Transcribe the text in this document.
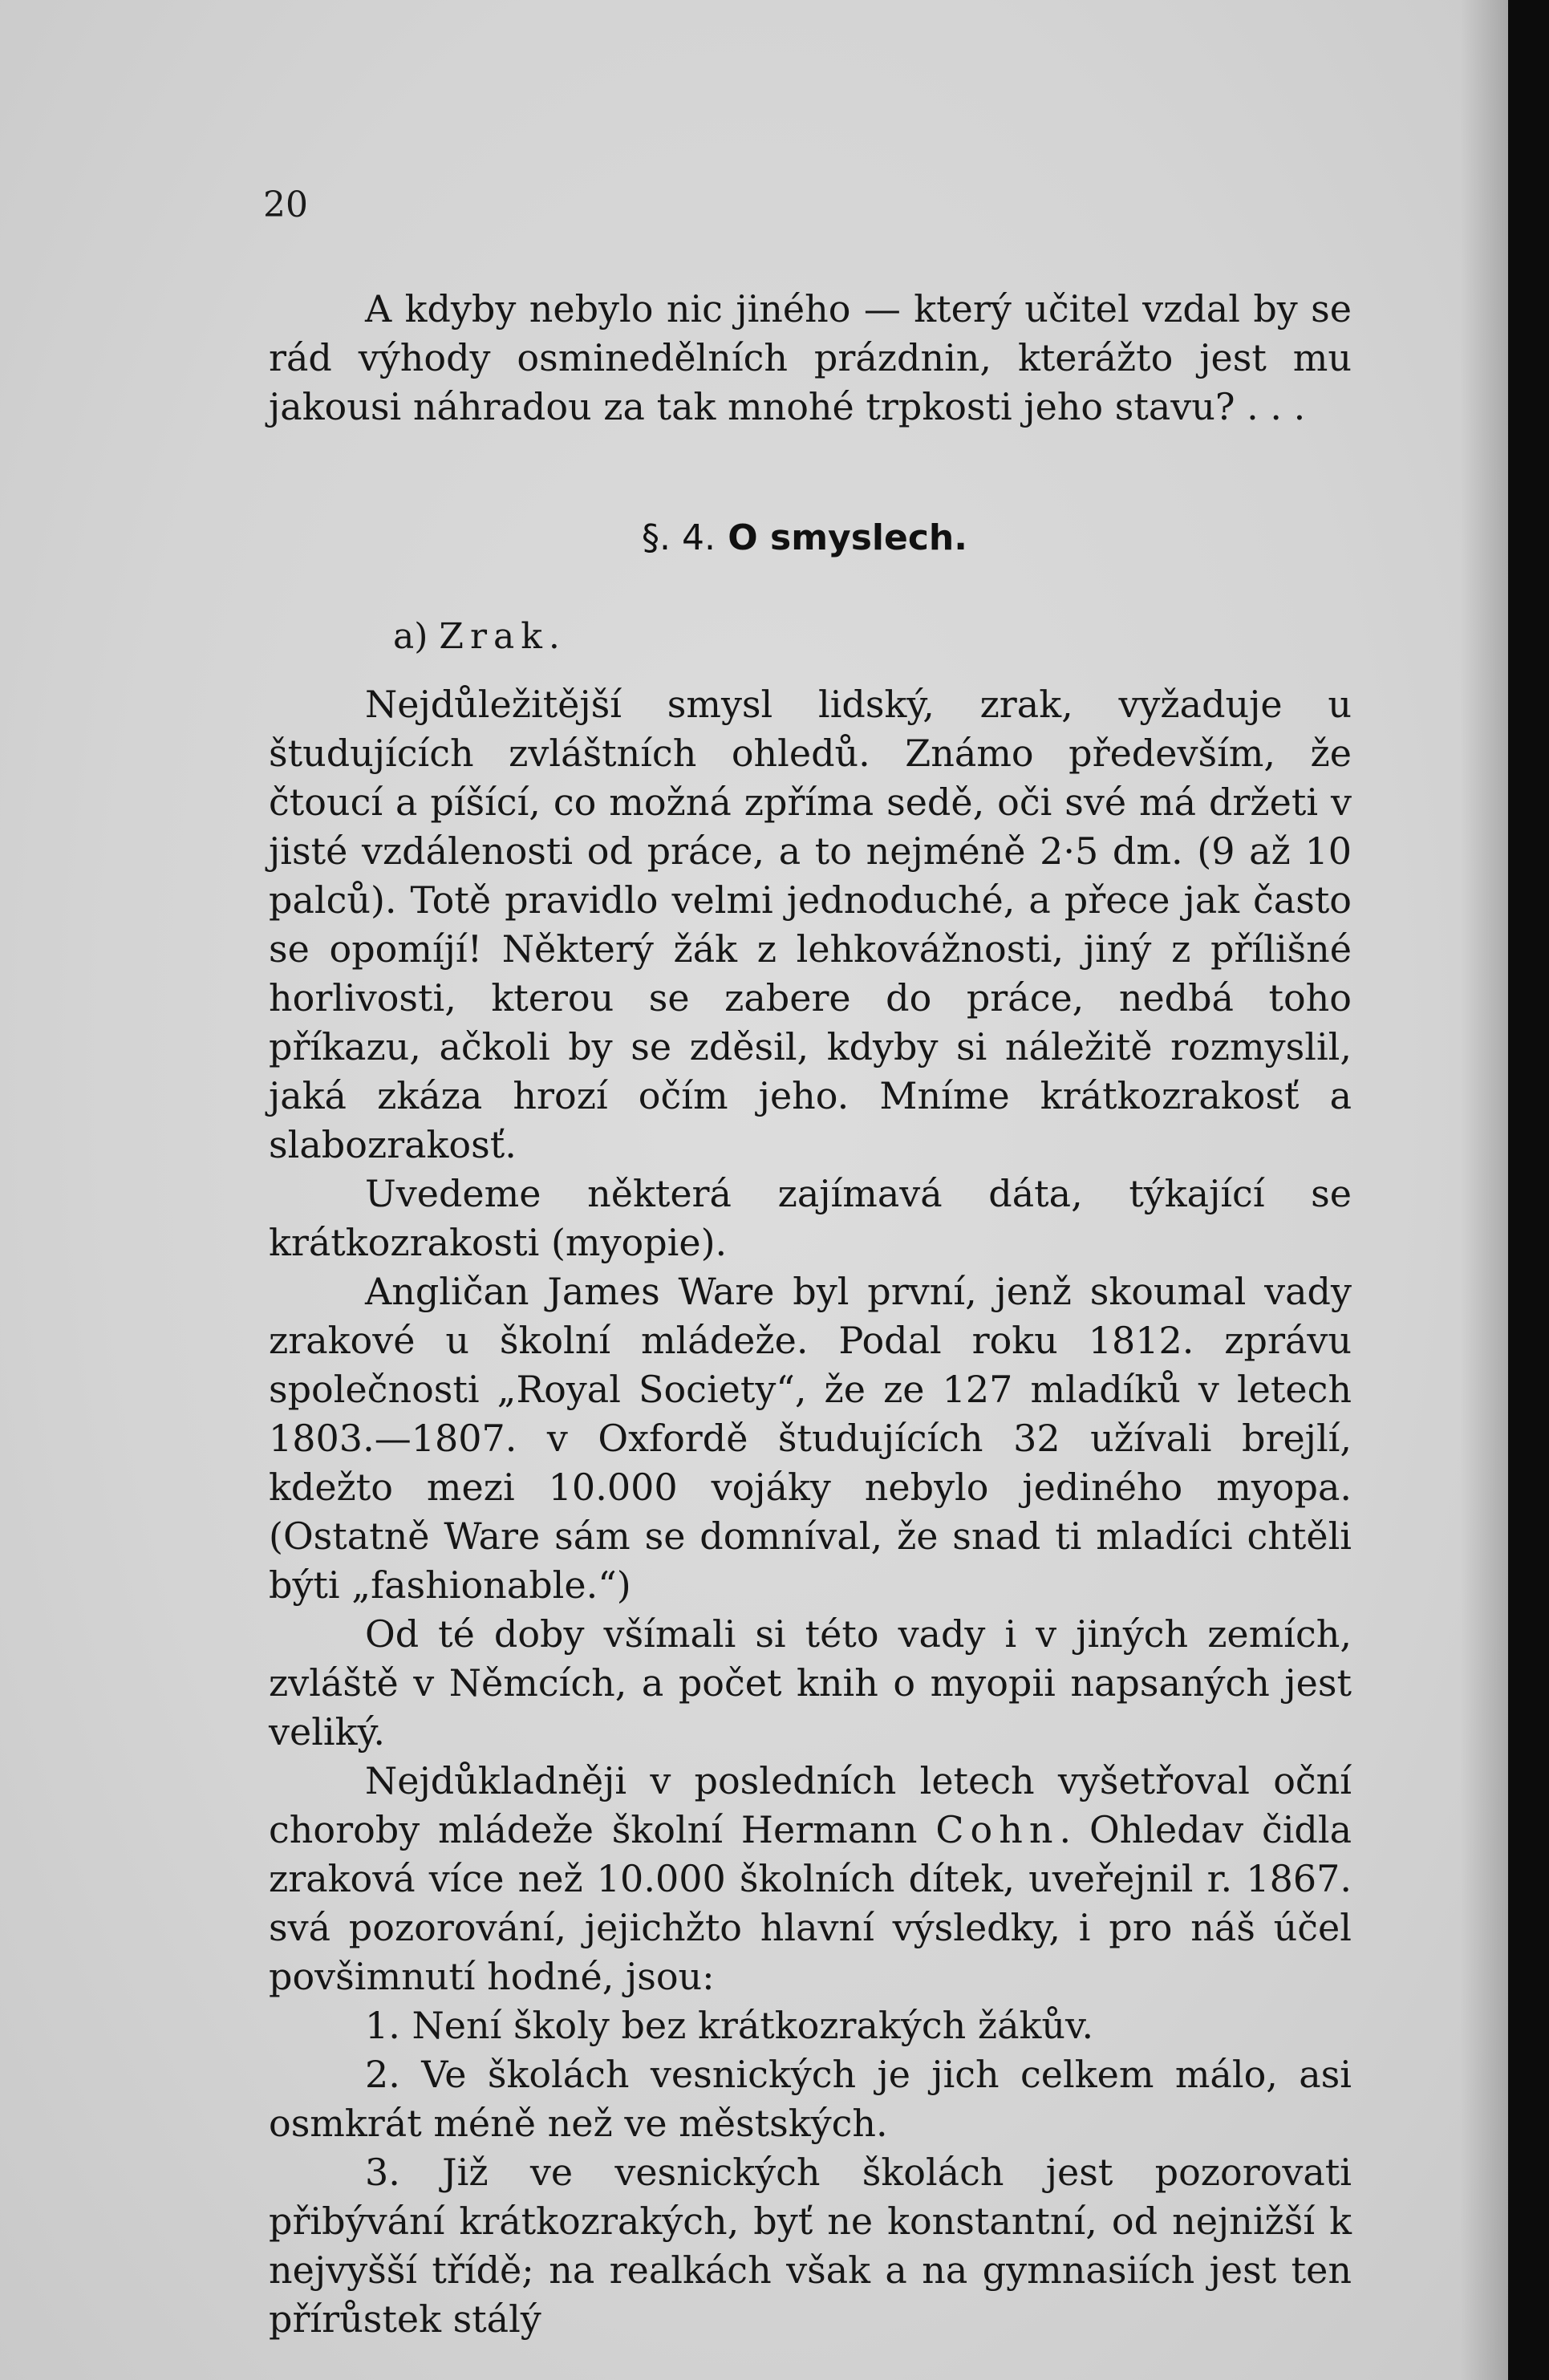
20

A kdyby nebylo nic jiného — který učitel vzdal by se rád výhody osminedělních prázdnin, kterážto jest mu jakousi náhradou za tak mnohé trpkosti jeho stavu? . . .

§. 4. O smyslech.
a) Zrak.

Nejdůležitější smysl lidský, zrak, vyžaduje u študujících zvláštních ohledů. Známo především, že čtoucí a píšící, co možná zpříma sedě, oči své má držeti v jisté vzdálenosti od práce, a to nejméně 2·5 dm. (9 až 10 palců). Totě pravidlo velmi jednoduché, a přece jak často se opomíjí! Některý žák z lehkovážnosti, jiný z přílišné horlivosti, kterou se zabere do práce, nedbá toho příkazu, ačkoli by se zděsil, kdyby si náležitě rozmyslil, jaká zkáza hrozí očím jeho. Mníme krátkozrakosť a slabozrakosť.

Uvedeme některá zajímavá dáta, týkající se krátkozrakosti (myopie).

Angličan James Ware byl první, jenž skoumal vady zrakové u školní mládeže. Podal roku 1812. zprávu společnosti „Royal Society“, že ze 127 mladíků v letech 1803.—1807. v Oxfordě študujících 32 užívali brejlí, kdežto mezi 10.000 vojáky nebylo jediného myopa. (Ostatně Ware sám se domníval, že snad ti mladíci chtěli býti „fashionable.“)

Od té doby všímali si této vady i v jiných zemích, zvláště v Němcích, a počet knih o myopii napsaných jest veliký.

Nejdůkladněji v posledních letech vyšetřoval oční choroby mládeže školní Hermann Cohn. Ohledav čidla zraková více než 10.000 školních dítek, uveřejnil r. 1867. svá pozorování, jejichžto hlavní výsledky, i pro náš účel povšimnutí hodné, jsou:

1. Není školy bez krátkozrakých žákův.

2. Ve školách vesnických je jich celkem málo, asi osmkrát méně než ve městských.

3. Již ve vesnických školách jest pozorovati přibývání krátkozrakých, byť ne konstantní, od nejnižší k nejvyšší třídě; na realkách však a na gymnasiích jest ten přírůstek stálý
